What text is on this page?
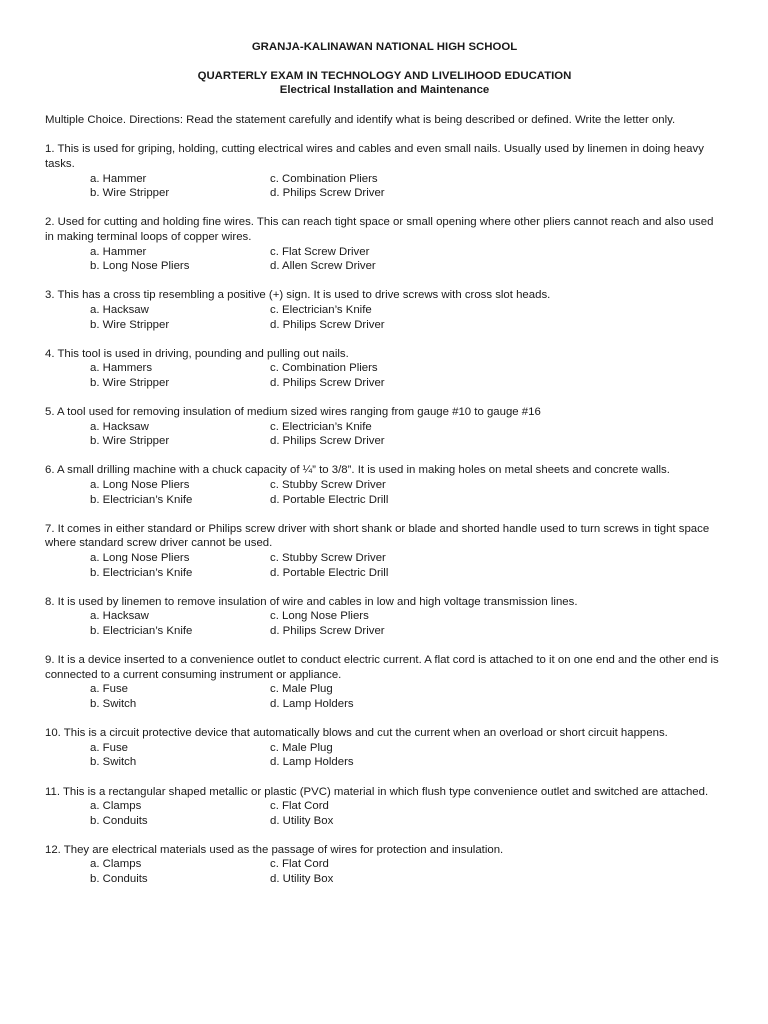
GRANJA-KALINAWAN NATIONAL HIGH SCHOOL
QUARTERLY EXAM IN TECHNOLOGY AND LIVELIHOOD EDUCATION
Electrical Installation and Maintenance
Multiple Choice. Directions: Read the statement carefully and identify what is being described or defined. Write the letter only.
1. This is used for griping, holding, cutting electrical wires and cables and even small nails. Usually used by linemen in doing heavy tasks.
a. Hammer	c. Combination Pliers
b. Wire Stripper	d. Philips Screw Driver
2. Used for cutting and holding fine wires. This can reach tight space or small opening where other pliers cannot reach and also used in making terminal loops of copper wires.
a. Hammer	c. Flat Screw Driver
b. Long Nose Pliers	d. Allen Screw Driver
3. This has a cross tip resembling a positive (+) sign. It is used to drive screws with cross slot heads.
a. Hacksaw	c. Electrician’s Knife
b. Wire Stripper	d. Philips Screw Driver
4. This tool is used in driving, pounding and pulling out nails.
a. Hammers	c. Combination Pliers
b. Wire Stripper	d. Philips Screw Driver
5. A tool used for removing insulation of medium sized wires ranging from gauge #10 to gauge #16
a. Hacksaw	c. Electrician’s Knife
b. Wire Stripper	d. Philips Screw Driver
6. A small drilling machine with a chuck capacity of ¼” to 3/8”. It is used in making holes on metal sheets and concrete walls.
a. Long Nose Pliers	c. Stubby Screw Driver
b. Electrician’s Knife	d. Portable Electric Drill
7. It comes in either standard or Philips screw driver with short shank or blade and shorted handle used to turn screws in tight space where standard screw driver cannot be used.
a. Long Nose Pliers	c. Stubby Screw Driver
b. Electrician’s Knife	d. Portable Electric Drill
8. It is used by linemen to remove insulation of wire and cables in low and high voltage transmission lines.
a. Hacksaw	c. Long Nose Pliers
b. Electrician’s Knife	d. Philips Screw Driver
9. It is a device inserted to a convenience outlet to conduct electric current. A flat cord is attached to it on one end and the other end is connected to a current consuming instrument or appliance.
a. Fuse	c. Male Plug
b. Switch	d. Lamp Holders
10. This is a circuit protective device that automatically blows and cut the current when an overload or short circuit happens.
a. Fuse	c. Male Plug
b. Switch	d. Lamp Holders
11. This is a rectangular shaped metallic or plastic (PVC) material in which flush type convenience outlet and switched are attached.
a. Clamps	c. Flat Cord
b. Conduits	d. Utility Box
12. They are electrical materials used as the passage of wires for protection and insulation.
a. Clamps	c. Flat Cord
b. Conduits	d. Utility Box
